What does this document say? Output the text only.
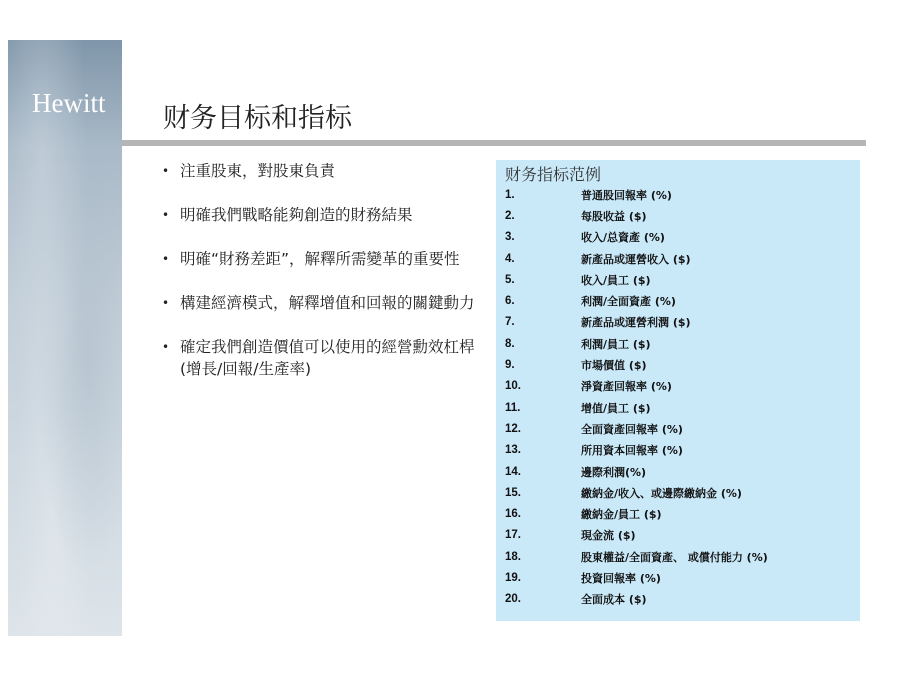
Hewitt 财务目标和指标
• 注重股東，對股東負責
• 明確我們戰略能夠創造的財務結果
• 明確“財務差距”，解釋所需變革的重要性
• 構建經濟模式，解釋增值和回報的關鍵動力
• 確定我們創造價值可以使用的經營勳效杠桿(增長/回報/生產率)
财务指标范例
1.	普通股回報率 (%)
2.	每股收益 ($)
3.	收入/总資產 (%)
4.	新產品或運營收入 ($)
5.	收入/員工 ($)
6.	利潤/全面資產 (%)
7.	新產品或運營利潤 ($)
8.	利潤/員工 ($)
9.	市場價值 ($)
10.	淨資產回報率 (%)
11.	增值/員工 ($)
12.	全面資產回報率 (%)
13.	所用資本回報率 (%)
14.	邊際利潤(%)
15.	繳納金/收入、或邊際繳納金 (%)
16.	繳納金/員工 ($)
17.	現金流 ($)
18.	股東權益/全面資產、 或償付能力 (%)
19.	投資回報率 (%)
20.	全面成本 ($)
